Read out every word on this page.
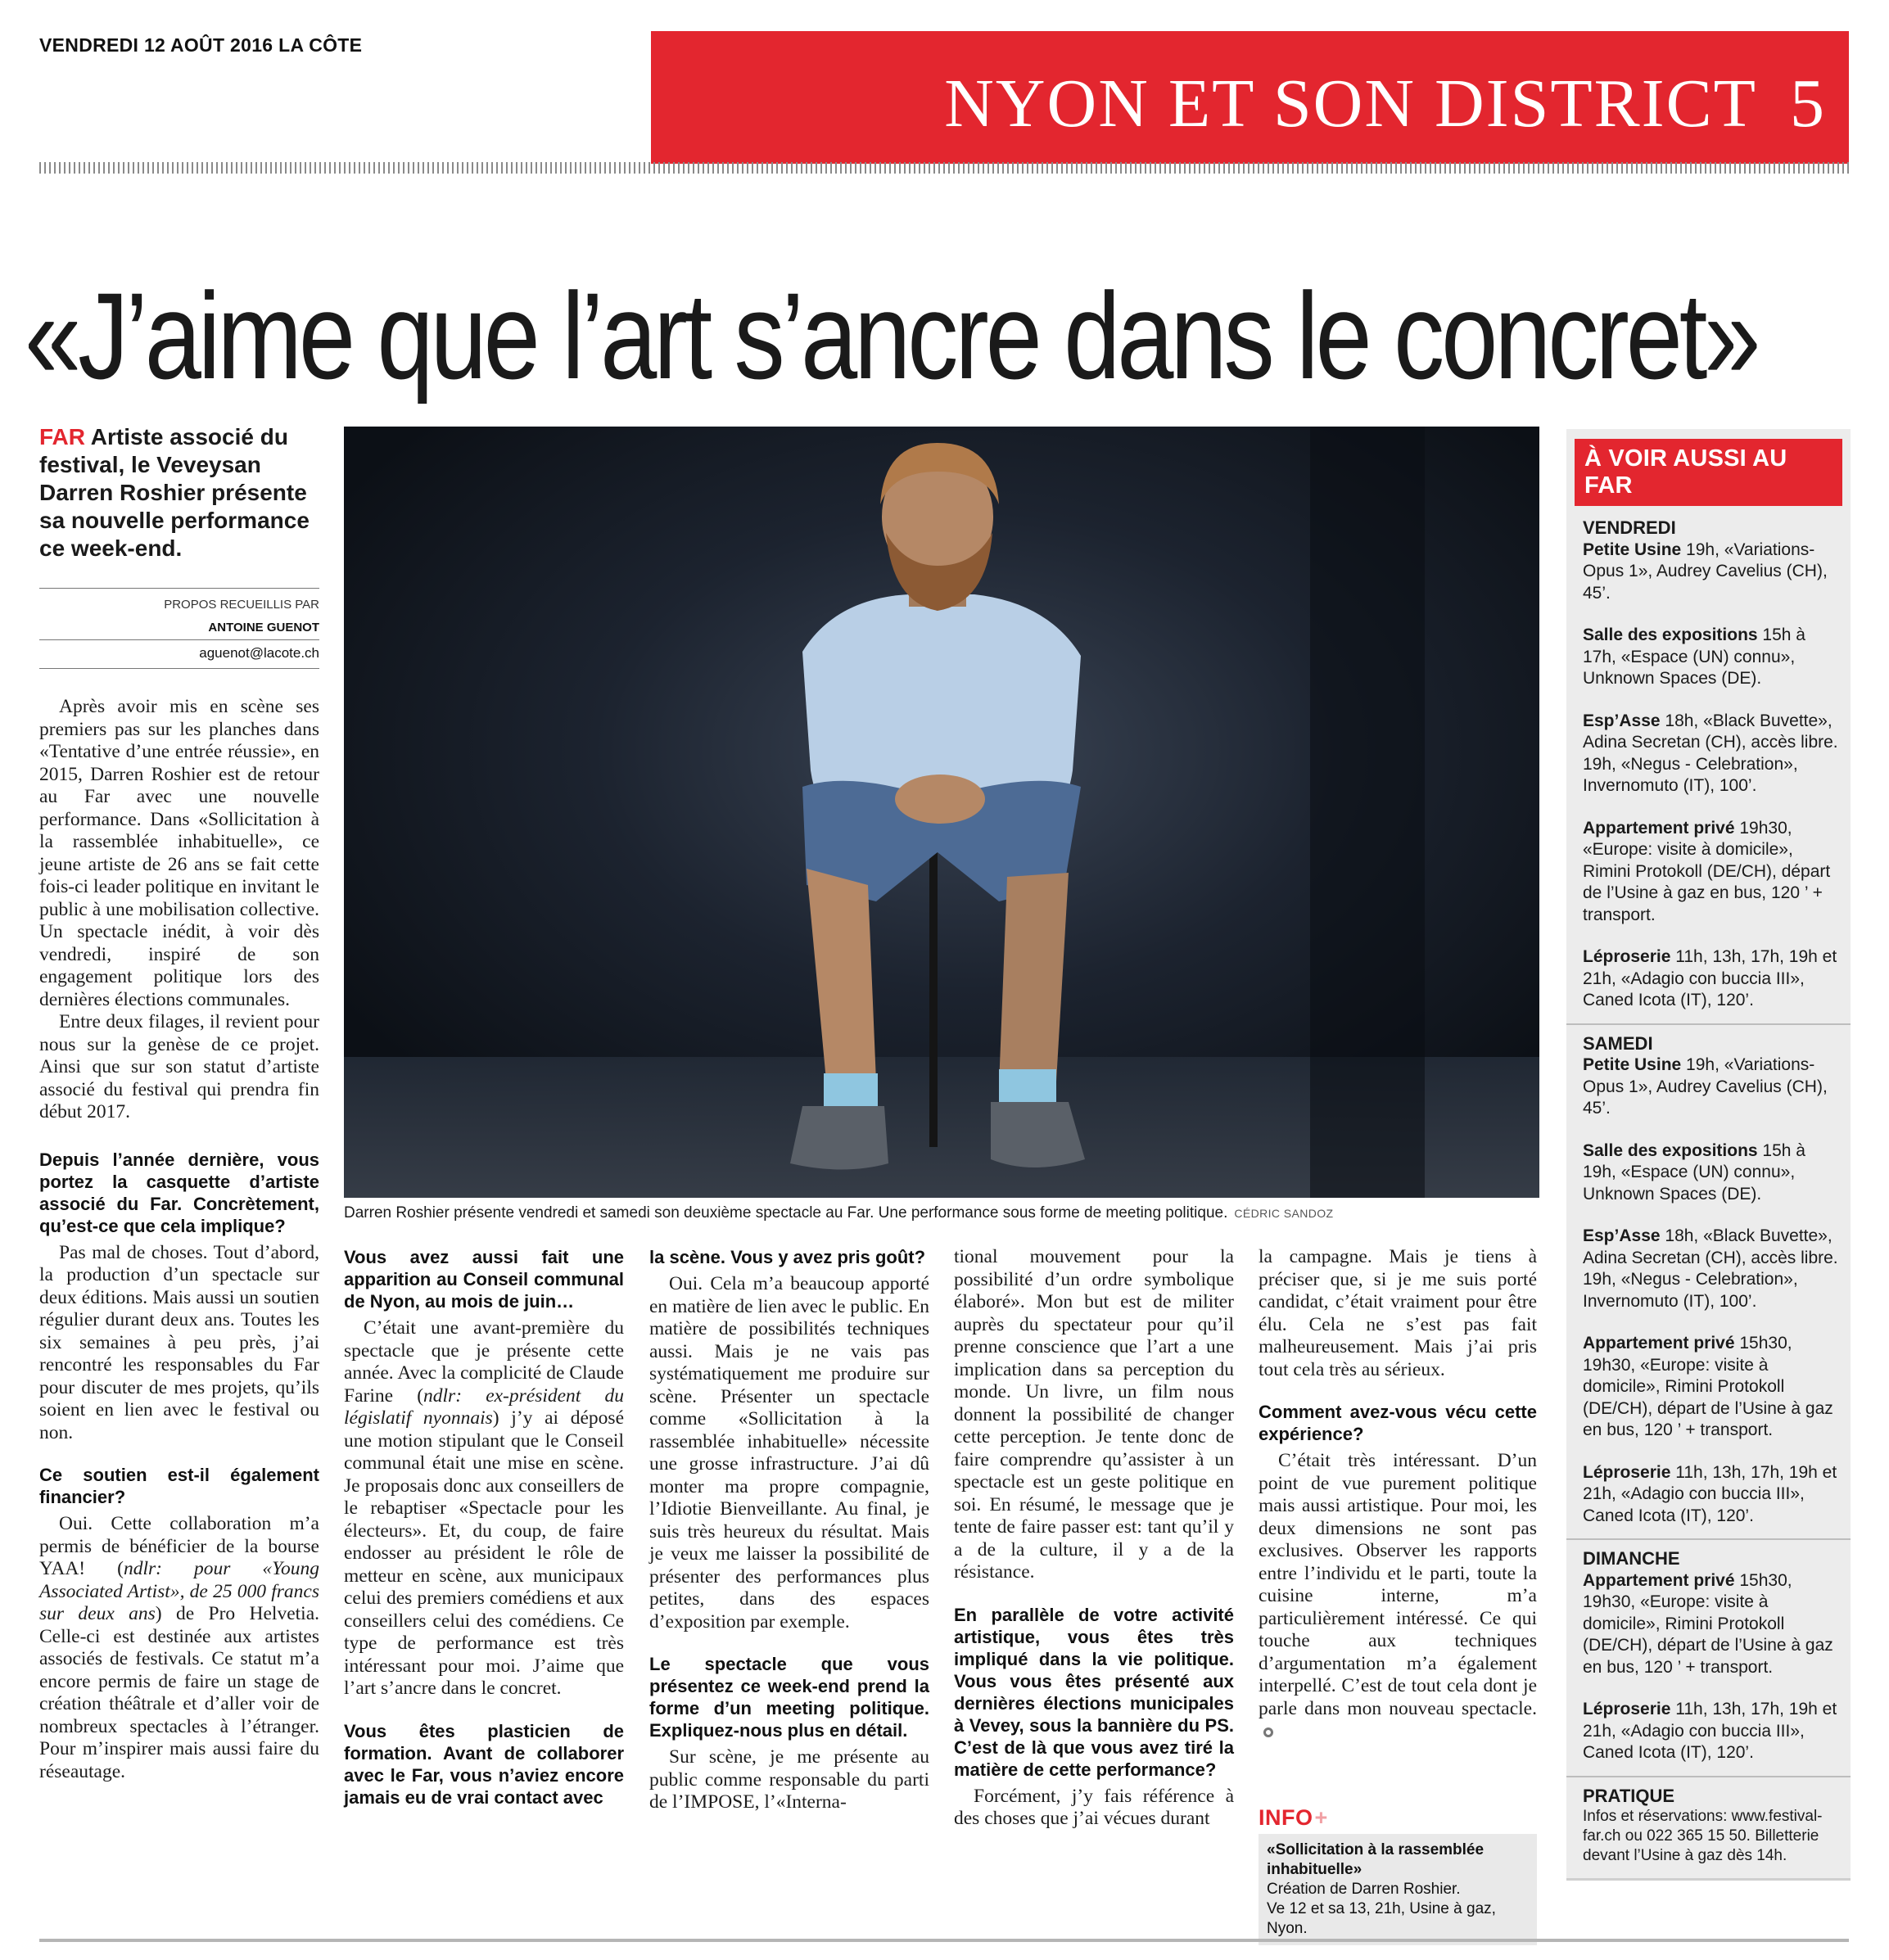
VENDREDI 12 AOÛT 2016 LA CÔTE
NYON ET SON DISTRICT 5
«J’aime que l’art s’ancre dans le concret»
FAR Artiste associé du festival, le Veveysan Darren Roshier présente sa nouvelle performance ce week-end.
PROPOS RECUEILLIS PAR
ANTOINE GUENOT
aguenot@lacote.ch
Darren Roshier présente vendredi et samedi son deuxième spectacle au Far. Une performance sous forme de meeting politique. CÉDRIC SANDOZ

Après avoir mis en scène ses premiers pas sur les planches dans «Tentative d’une entrée réussie», en 2015, Darren Roshier est de retour au Far avec une nouvelle performance. Dans «Sollicitation à la rassemblée inhabituelle», ce jeune artiste de 26 ans se fait cette fois-ci leader politique en invitant le public à une mobilisation collective. Un spectacle inédit, à voir dès vendredi, inspiré de son engagement politique lors des dernières élections communales.

Entre deux filages, il revient pour nous sur la genèse de ce projet. Ainsi que sur son statut d’artiste associé du festival qui prendra fin début 2017.

Depuis l’année dernière, vous portez la casquette d’artiste associé du Far. Concrètement, qu’est-ce que cela implique?

Pas mal de choses. Tout d’abord, la production d’un spectacle sur deux éditions. Mais aussi un soutien régulier durant deux ans. Toutes les six semaines à peu près, j’ai rencontré les responsables du Far pour discuter de mes projets, qu’ils soient en lien avec le festival ou non.

Ce soutien est-il également financier?

Oui. Cette collaboration m’a permis de bénéficier de la bourse YAA! (ndlr: pour «Young Associated Artist», de 25 000 francs sur deux ans) de Pro Helvetia. Celle-ci est destinée aux artistes associés de festivals. Ce statut m’a encore permis de faire un stage de création théâtrale et d’aller voir de nombreux spectacles à l’étranger. Pour m’inspirer mais aussi faire du réseautage.

Vous avez aussi fait une apparition au Conseil communal de Nyon, au mois de juin…

C’était une avant-première du spectacle que je présente cette année. Avec la complicité de Claude Farine (ndlr: ex-président du législatif nyonnais) j’y ai déposé une motion stipulant que le Conseil communal était une mise en scène. Je proposais donc aux conseillers de le rebaptiser «Spectacle pour les électeurs». Et, du coup, de faire endosser au président le rôle de metteur en scène, aux municipaux celui des premiers comédiens et aux conseillers celui des comédiens. Ce type de performance est très intéressant pour moi. J’aime que l’art s’ancre dans le concret.

Vous êtes plasticien de formation. Avant de collaborer avec le Far, vous n’aviez encore jamais eu de vrai contact avec
la scène. Vous y avez pris goût?

Oui. Cela m’a beaucoup apporté en matière de lien avec le public. En matière de possibilités techniques aussi. Mais je ne vais pas systématiquement me produire sur scène. Présenter un spectacle comme «Sollicitation à la rassemblée inhabituelle» nécessite une grosse infrastructure. J’ai dû monter ma propre compagnie, l’Idiotie Bienveillante. Au final, je suis très heureux du résultat. Mais je veux me laisser la possibilité de présenter des performances plus petites, dans des espaces d’exposition par exemple.

Le spectacle que vous présentez ce week-end prend la forme d’un meeting politique. Expliquez-nous plus en détail.

Sur scène, je me présente au public comme responsable du parti de l’IMPOSE, l’«Interna-

tional mouvement pour la possibilité d’un ordre symbolique élaboré». Mon but est de militer auprès du spectateur pour qu’il prenne conscience que l’art a une implication dans sa perception du monde. Un livre, un film nous donnent la possibilité de changer cette perception. Je tente donc de faire comprendre qu’assister à un spectacle est un geste politique en soi. En résumé, le message que je tente de faire passer est: tant qu’il y a de la culture, il y a de la résistance.

En parallèle de votre activité artistique, vous êtes très impliqué dans la vie politique. Vous vous êtes présenté aux dernières élections municipales à Vevey, sous la bannière du PS. C’est de là que vous avez tiré la matière de cette performance?

Forcément, j’y fais référence à des choses que j’ai vécues durant

la campagne. Mais je tiens à préciser que, si je me suis porté candidat, c’était vraiment pour être élu. Cela ne s’est pas fait malheureusement. Mais j’ai pris tout cela très au sérieux.

Comment avez-vous vécu cette expérience?

C’était très intéressant. D’un point de vue purement politique mais aussi artistique. Pour moi, les deux dimensions ne sont pas exclusives. Observer les rapports entre l’individu et le parti, toute la cuisine interne, m’a particulièrement intéressé. Ce qui touche aux techniques d’argumentation m’a également interpellé. C’est de tout cela dont je parle dans mon nouveau spectacle.

INFO+
«Sollicitation à la rassemblée inhabituelle»
Création de Darren Roshier.
Ve 12 et sa 13, 21h, Usine à gaz, Nyon.
À VOIR AUSSI AU FAR
VENDREDI
Petite Usine 19h, «Variations-Opus 1», Audrey Cavelius (CH), 45’.
Salle des expositions 15h à 17h, «Espace (UN) connu», Unknown Spaces (DE).
Esp’Asse 18h, «Black Buvette», Adina Secretan (CH), accès libre. 19h, «Negus - Celebration», Invernomuto (IT), 100’.
Appartement privé 19h30, «Europe: visite à domicile», Rimini Protokoll (DE/CH), départ de l’Usine à gaz en bus, 120 ’ + transport.
Léproserie 11h, 13h, 17h, 19h et 21h, «Adagio con buccia III», Caned Icota (IT), 120’.
SAMEDI
Petite Usine 19h, «Variations-Opus 1», Audrey Cavelius (CH), 45’.
Salle des expositions 15h à 19h, «Espace (UN) connu», Unknown Spaces (DE).
Esp’Asse 18h, «Black Buvette», Adina Secretan (CH), accès libre. 19h, «Negus - Celebration», Invernomuto (IT), 100’.
Appartement privé 15h30, 19h30, «Europe: visite à domicile», Rimini Protokoll (DE/CH), départ de l’Usine à gaz en bus, 120 ’ + transport.
Léproserie 11h, 13h, 17h, 19h et 21h, «Adagio con buccia III», Caned Icota (IT), 120’.
DIMANCHE
Appartement privé 15h30, 19h30, «Europe: visite à domicile», Rimini Protokoll (DE/CH), départ de l’Usine à gaz en bus, 120 ’ + transport.
Léproserie 11h, 13h, 17h, 19h et 21h, «Adagio con buccia III», Caned Icota (IT), 120’.
PRATIQUE
Infos et réservations: www.festival-far.ch ou 022 365 15 50. Billetterie devant l’Usine à gaz dès 14h.
